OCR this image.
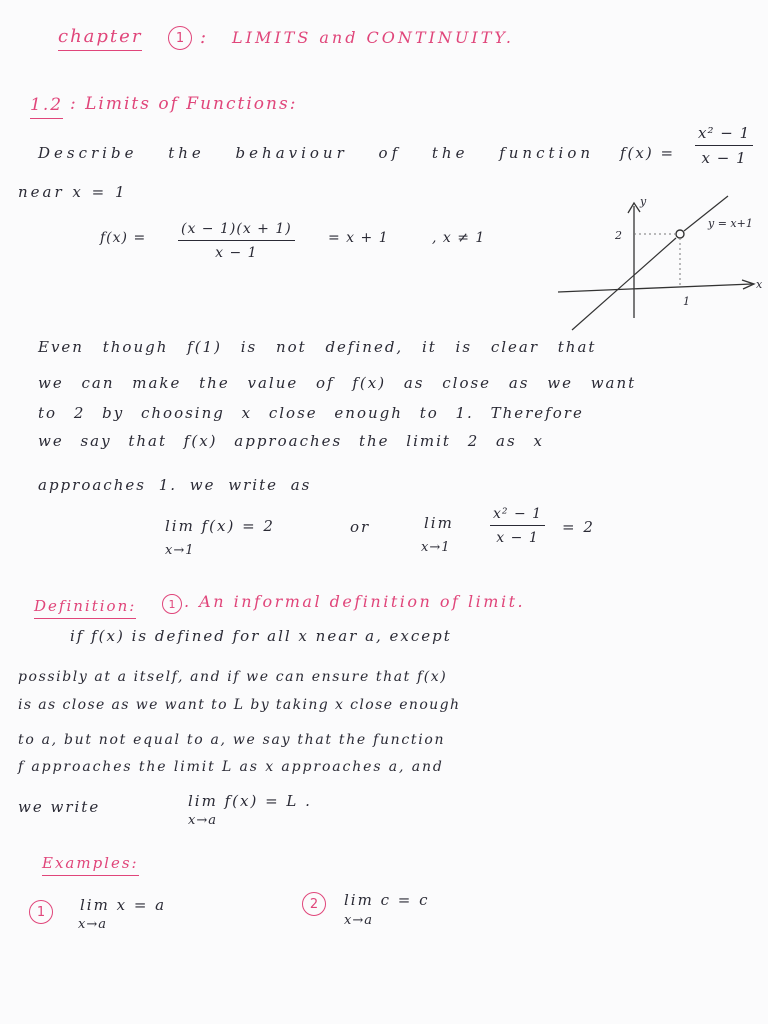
chapter	1 : LIMITS and CONTINUITY.
1.2 : Limits of Functions:
Describe the behaviour of the function $f(x) = \frac{\text{x² − 1}}{x - 1}$
near x = 1
$f(x) = \frac{(x - 1)(x + 1)}{x - 1} = x + 1$	, x ≠ 1
y
x
y = x+1
2
1
Even though f(1) is not defined, it is clear that
we can make the value of f(x) as close as we want
to 2 by choosing x close enough to 1. Therefore
we say that f(x) approaches the limit 2 as x
approaches 1. we write as
lim f(x) = 2
x→1
or	lim
x→1
$\frac{\text{x² − 1}}{x - 1} = 2$
Definition:	1 . An informal definition of limit.
if f(x) is defined for all x near a, except
possibly at a itself, and if we can ensure that f(x)
is as close as we want to L by taking x close enough
to a, but not equal to a, we say that the function
f approaches the limit L as x approaches a, and
we write	lim f(x) = L .
x→a
Examples:
1	lim x = a
x→a
2	lim c = c
x→a
